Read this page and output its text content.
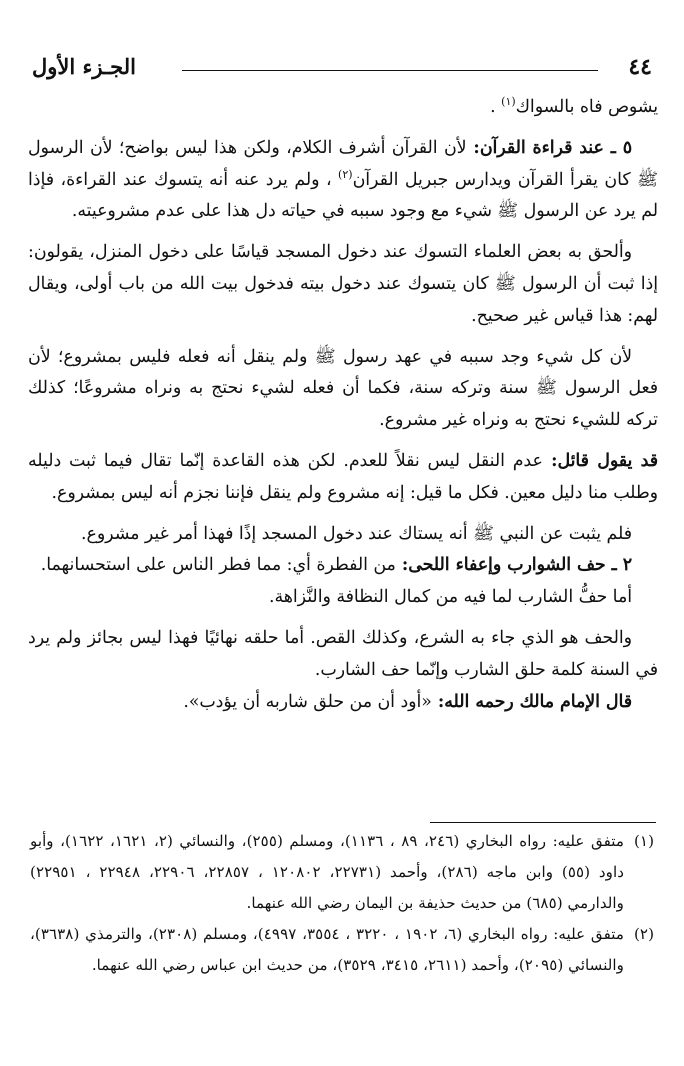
٤٤
الجـزء الأول

يشوص فاه بالسواك$^{(١)}$ .

٥ ـ عند قراءة القرآن: لأن القرآن أشرف الكلام، ولكن هذا ليس بواضح؛ لأن الرسول ﷺ كان يقرأ القرآن ويدارس جبريل القرآن$^{(٢)}$ ، ولم يرد عنه أنه يتسوك عند القراءة، فإذا لم يرد عن الرسول ﷺ شيء مع وجود سببه في حياته دل هذا على عدم مشروعيته.

وألحق به بعض العلماء التسوك عند دخول المسجد قياسًا على دخول المنزل، يقولون: إذا ثبت أن الرسول ﷺ كان يتسوك عند دخول بيته فدخول بيت الله من باب أولى، ويقال لهم: هذا قياس غير صحيح.

لأن كل شيء وجد سببه في عهد رسول ﷺ ولم ينقل أنه فعله فليس بمشروع؛ لأن فعل الرسول ﷺ سنة وتركه سنة، فكما أن فعله لشيء نحتج به ونراه مشروعًا؛ كذلك تركه للشيء نحتج به ونراه غير مشروع.

قد يقول قائل: عدم النقل ليس نقلاً للعدم. لكن هذه القاعدة إنّما تقال فيما ثبت دليله وطلب منا دليل معين. فكل ما قيل: إنه مشروع ولم ينقل فإننا نجزم أنه ليس بمشروع.

فلم يثبت عن النبي ﷺ أنه يستاك عند دخول المسجد إذًا فهذا أمر غير مشروع.

٢ ـ حف الشوارب وإعفاء اللحى: من الفطرة أي: مما فطر الناس على استحسانهما.

أما حفُّ الشارب لما فيه من كمال النظافة والنَّزاهة.

والحف هو الذي جاء به الشرع، وكذلك القص. أما حلقه نهائيًا فهذا ليس بجائز ولم يرد في السنة كلمة حلق الشارب وإنّما حف الشارب.

قال الإمام مالك رحمه الله: «أود أن من حلق شاربه أن يؤدب».

(١)
متفق عليه: رواه البخاري (٢٤٦، ٨٩ ، ١١٣٦)، ومسلم (٢٥٥)، والنسائي (٢، ١٦٢١، ١٦٢٢)، وأبو داود (٥٥) وابن ماجه (٢٨٦)، وأحمد (٢٢٧٣١، ١٢٠٨٠٢ ، ٢٢٨٥٧، ٢٢٩٠٦، ٢٢٩٤٨ ، ٢٢٩٥١) والدارمي (٦٨٥) من حديث حذيفة بن اليمان رضي الله عنهما.

(٢)
متفق عليه: رواه البخاري (٦، ١٩٠٢ ، ٣٢٢٠ ، ٣٥٥٤، ٤٩٩٧)، ومسلم (٢٣٠٨)، والترمذي (٣٦٣٨)، والنسائي (٢٠٩٥)، وأحمد (٢٦١١، ٣٤١٥، ٣٥٢٩)، من حديث ابن عباس رضي الله عنهما.
